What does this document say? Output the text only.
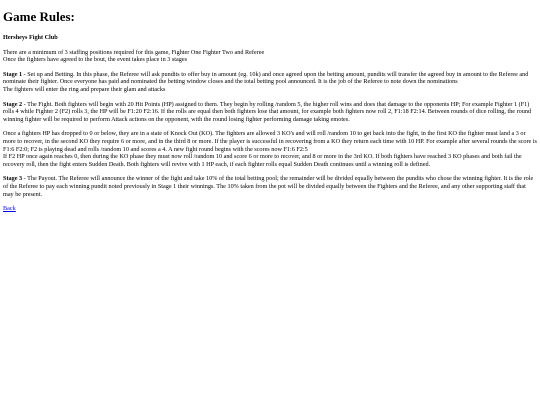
Game Rules:

Hersheys Fight Club

There are a minimum of 3 staffing positions required for this game, Fighter One Fighter Two and Referee
Once the fighters have agreed to the bout, the event takes place in 3 stages

Stage 1 - Set up and Betting. In this phase, the Referee will ask pundits to offer buy in amount (eg. 10k) and once agreed upon the betting amount, pundits will transfer the agreed buy in amount to the Referee and nominate their fighter. Once everyone has paid and nominated the betting window closes and the total betting pool announced. It is the job of the Referee to note down the nominations
The fighters will enter the ring and prepare their glam and attacks

Stage 2 - The Fight. Both fighters will begin with 20 Hit Points (HP) assigned to them. They begin by rolling /random 5, the higher roll wins and does that damage to the opponents HP; For example Fighter 1 (F1) rolls 4 while Fighter 2 (F2) rolls 3, the HP will be F1:20 F2:16. If the rolls are equal then both fighters lose that amount, for example both fighters now roll 2, F1:18 F2:14. Between rounds of dice rolling, the round winning fighter will be required to perform Attack actions on the opponent, with the round losing fighter performing damage taking emotes.

Once a fighters HP has dropped to 0 or below, they are in a state of Knock Out (KO). The fighters are allowed 3 KO's and will roll /random 10 to get back into the fight, in the first KO the fighter must land a 3 or more to recover, in the second KO they require 6 or more, and in the third 8 or more. If the player is successful in recovering from a KO they return each time with 10 HP. For example after several rounds the score is F1:6 F2:0; F2 is playing dead and rolls /random 10 and scores a 4. A new fight round begins with the scores now F1:6 F2:5
If F2 HP once again reaches 0, then during the KO phase they must now roll /random 10 and score 6 or more to recover, and 8 or more in the 3rd KO. If both fighters have reached 3 KO phases and both fail the recovery roll, then the fight enters Sudden Death. Both fighters will revive with 1 HP each, if each fighter rolls equal Sudden Death continues until a winning roll is defined.

Stage 3 - The Payout. The Referee will announce the winner of the fight and take 10% of the total betting pool; the remainder will be divided equally between the pundits who chose the winning fighter. It is the role of the Referee to pay each winning pundit noted previously in Stage 1 their winnings. The 10% taken from the pot will be divided equally between the Fighters and the Referee, and any other supporting staff that may be present.

Back
